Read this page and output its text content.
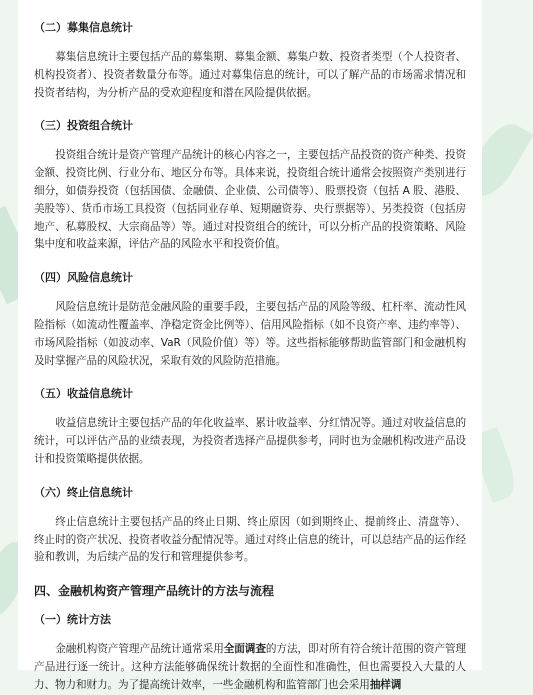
（二）募集信息统计

募集信息统计主要包括产品的募集期、募集金额、募集户数、投资者类型（个人投资者、机构投资者）、投资者数量分布等。通过对募集信息的统计，可以了解产品的市场需求情况和投资者结构，为分析产品的受欢迎程度和潜在风险提供依据。

（三）投资组合统计

投资组合统计是资产管理产品统计的核心内容之一，主要包括产品投资的资产种类、投资金额、投资比例、行业分布、地区分布等。具体来说，投资组合统计通常会按照资产类别进行细分，如债券投资（包括国债、金融债、企业债、公司债等）、股票投资（包括 A 股、港股、美股等）、货币市场工具投资（包括同业存单、短期融资券、央行票据等）、另类投资（包括房地产、私募股权、大宗商品等）等。通过对投资组合的统计，可以分析产品的投资策略、风险集中度和收益来源，评估产品的风险水平和投资价值。

（四）风险信息统计

风险信息统计是防范金融风险的重要手段，主要包括产品的风险等级、杠杆率、流动性风险指标（如流动性覆盖率、净稳定资金比例等）、信用风险指标（如不良资产率、违约率等）、市场风险指标（如波动率、VaR（风险价值）等）等。这些指标能够帮助监管部门和金融机构及时掌握产品的风险状况，采取有效的风险防范措施。

（五）收益信息统计

收益信息统计主要包括产品的年化收益率、累计收益率、分红情况等。通过对收益信息的统计，可以评估产品的业绩表现，为投资者选择产品提供参考，同时也为金融机构改进产品设计和投资策略提供依据。

（六）终止信息统计

终止信息统计主要包括产品的终止日期、终止原因（如到期终止、提前终止、清盘等）、终止时的资产状况、投资者收益分配情况等。通过对终止信息的统计，可以总结产品的运作经验和教训，为后续产品的发行和管理提供参考。

四、金融机构资产管理产品统计的方法与流程
（一）统计方法

金融机构资产管理产品统计通常采用全面调查的方法，即对所有符合统计范围的资产管理产品进行逐一统计。这种方法能够确保统计数据的全面性和准确性，但也需要投入大量的人力、物力和财力。为了提高统计效率，一些金融机构和监管部门也会采用抽样调
